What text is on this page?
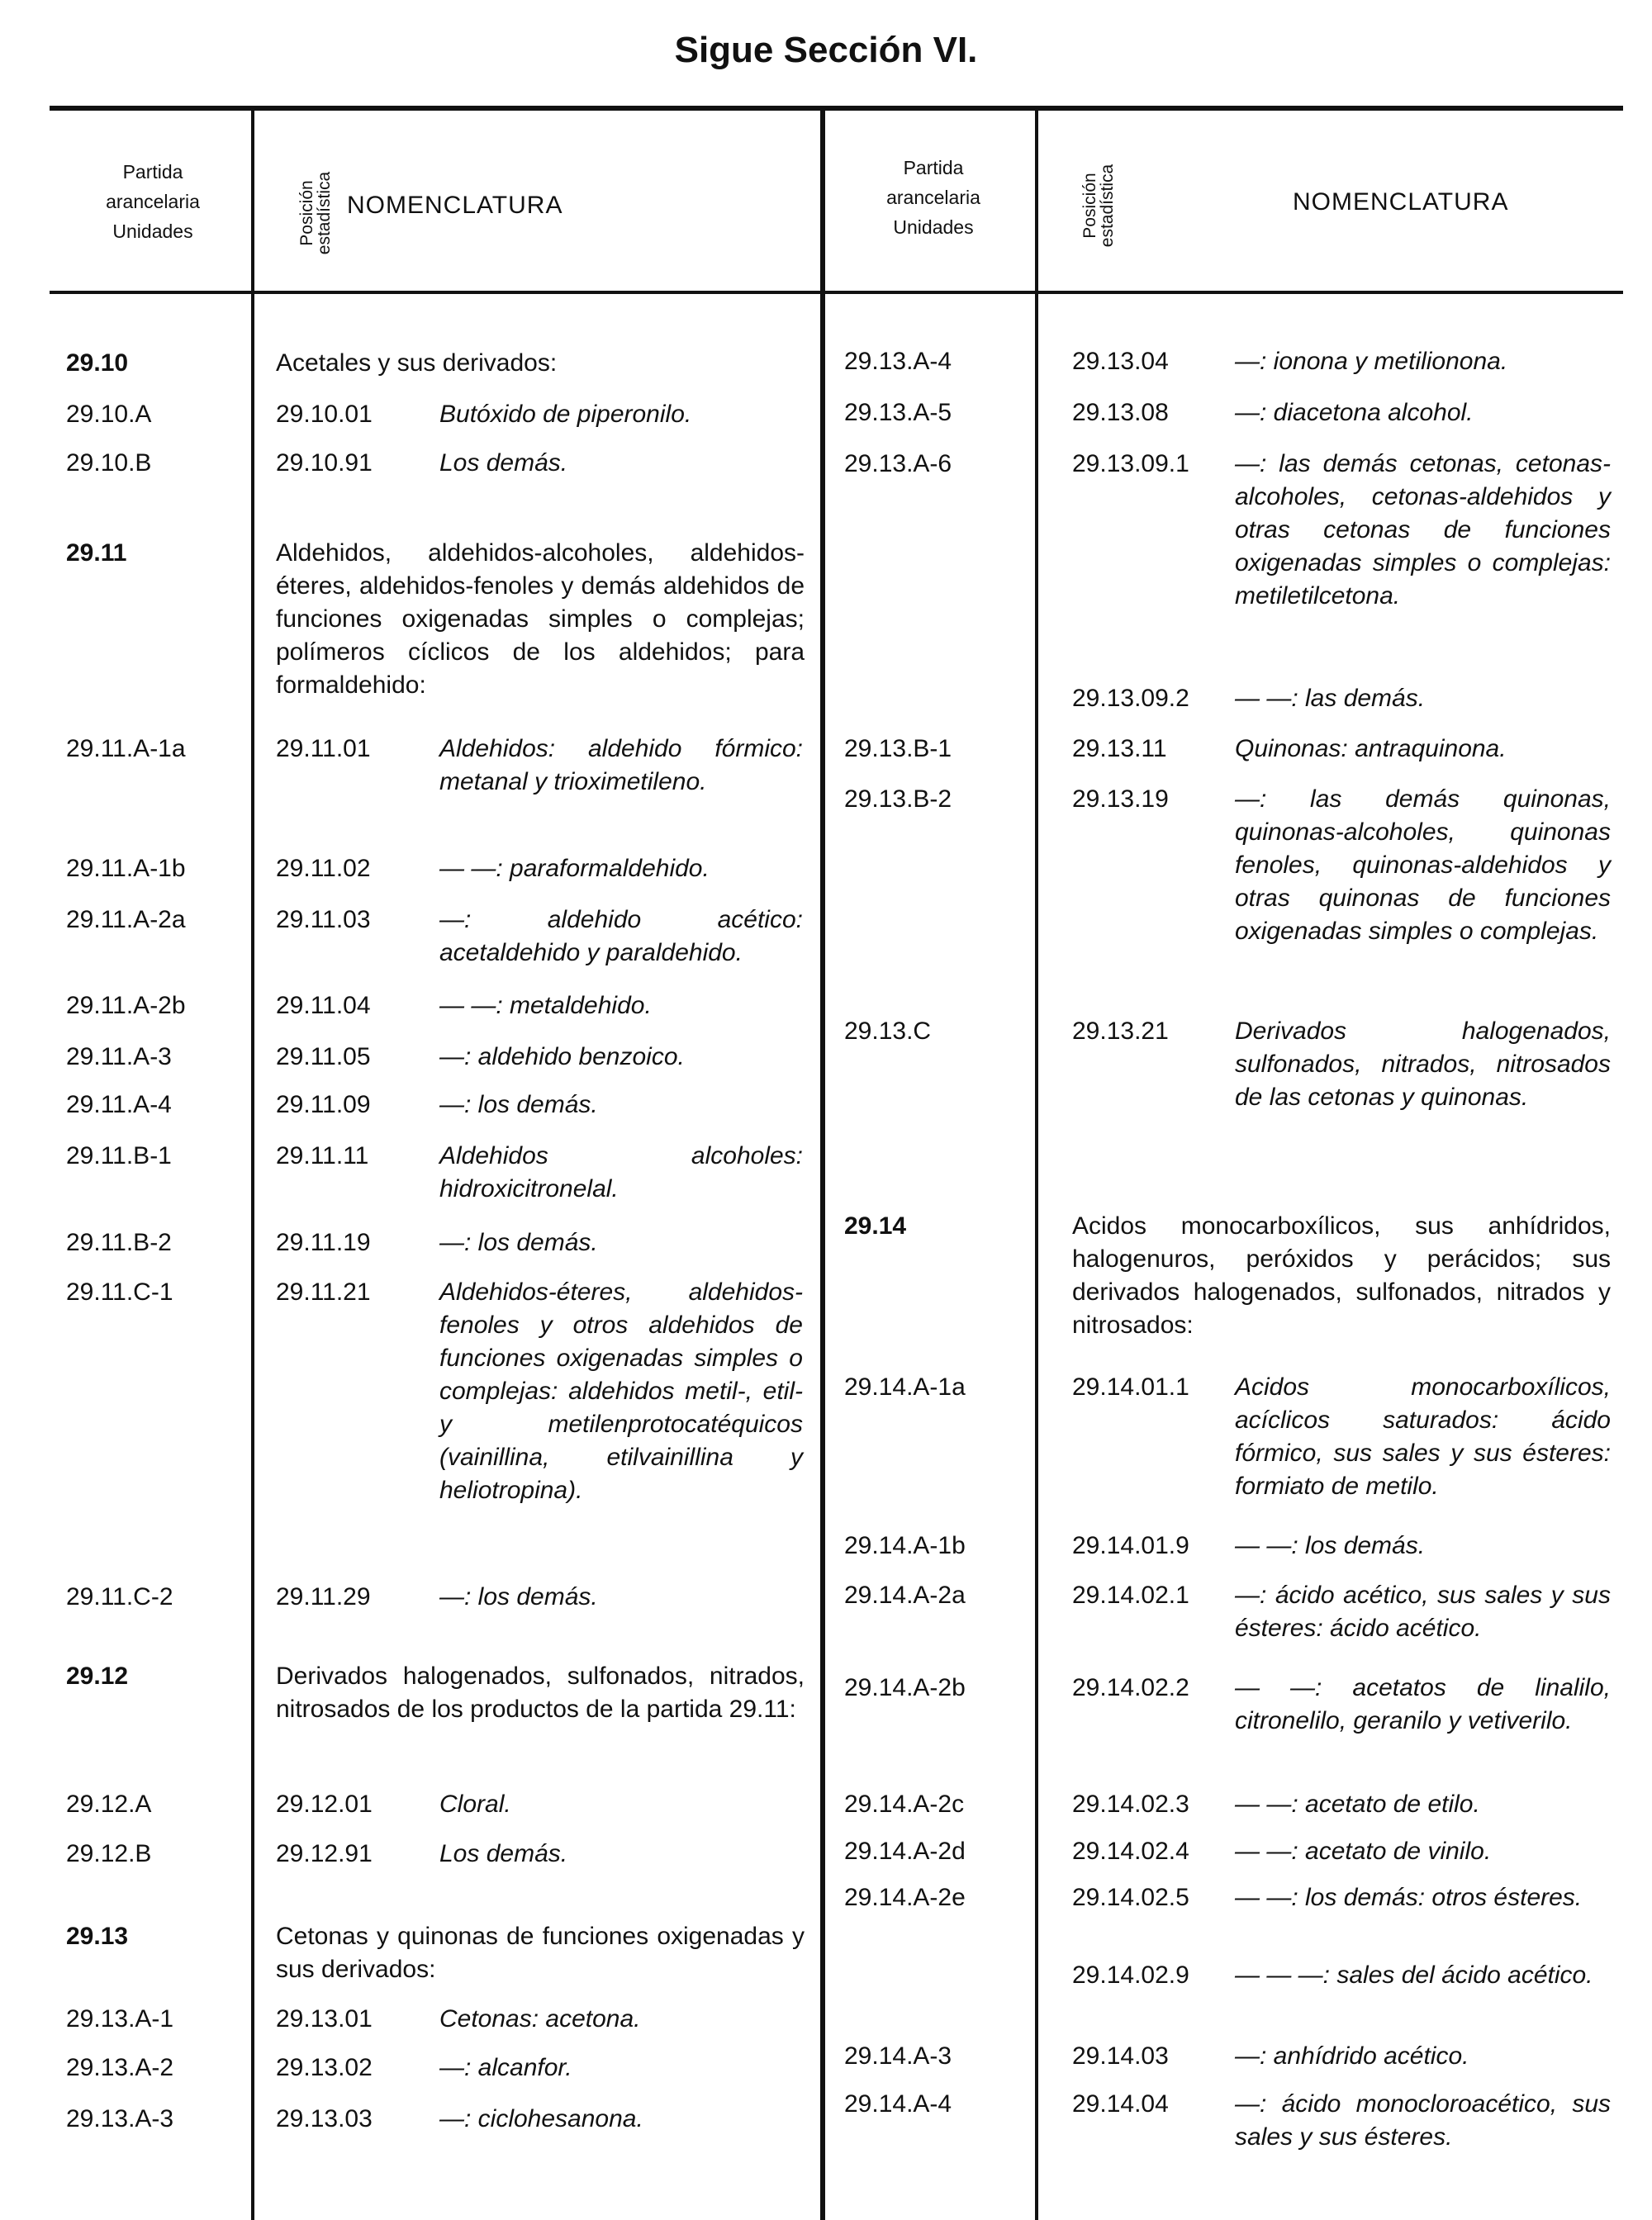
Sigue Sección VI.
Partida
arancelaria
Unidades	Posición
estadística NOMENCLATURA
Partida
arancelaria
Unidades	Posición
estadística	NOMENCLATURA
29.10	Acetales y sus derivados:
29.10.A	29.10.01	Butóxido de piperonilo.
29.10.B	29.10.91	Los demás.
29.11	Aldehidos, aldehidos-alcoholes, aldehidos-éteres, aldehidos-fenoles y demás aldehidos de funciones oxigenadas simples o complejas; polímeros cíclicos de los aldehidos; para formaldehido:
29.11.A-1a	29.11.01	Aldehidos: aldehido fórmico: metanal y trioximetileno.
29.11.A-1b	29.11.02	— —: paraformaldehido.
29.11.A-2a	29.11.03	—: aldehido acético: acetaldehido y paraldehido.
29.11.A-2b	29.11.04	— —: metaldehido.
29.11.A-3	29.11.05	—: aldehido benzoico.
29.11.A-4	29.11.09	—: los demás.
29.11.B-1	29.11.11	Aldehidos alcoholes: hidroxicitronelal.
29.11.B-2	29.11.19	—: los demás.
29.11.C-1	29.11.21	Aldehidos-éteres, aldehidos-fenoles y otros aldehidos de funciones oxigenadas simples o complejas: aldehidos metil-, etil- y metilenprotocatéquicos (vainillina, etilvainillina y heliotropina).
29.11.C-2	29.11.29	—: los demás.
29.12	Derivados halogenados, sulfonados, nitrados, nitrosados de los productos de la partida 29.11:
29.12.A	29.12.01	Cloral.
29.12.B	29.12.91	Los demás.
29.13	Cetonas y quinonas de funciones oxigenadas y sus derivados:
29.13.A-1	29.13.01	Cetonas: acetona.
29.13.A-2	29.13.02	—: alcanfor.
29.13.A-3	29.13.03	—: ciclohesanona.
29.13.A-4	29.13.04	—: ionona y metilionona.
29.13.A-5	29.13.08	—: diacetona alcohol.
29.13.A-6	29.13.09.1 —: las demás cetonas, cetonas-alcoholes, cetonas-aldehidos y otras cetonas de funciones oxigenadas simples o complejas: metiletilcetona.
29.13.09.2 — —: las demás.
29.13.B-1	29.13.11	Quinonas: antraquinona.
29.13.B-2	29.13.19	—: las demás quinonas, quinonas-alcoholes, quinonas fenoles, quinonas-aldehidos y otras quinonas de funciones oxigenadas simples o complejas.
29.13.C	29.13.21	Derivados halogenados, sulfonados, nitrados, nitrosados de las cetonas y quinonas.
29.14	Acidos monocarboxílicos, sus anhídridos, halogenuros, peróxidos y perácidos; sus derivados halogenados, sulfonados, nitrados y nitrosados:
29.14.A-1a	29.14.01.1 Acidos monocarboxílicos, acíclicos saturados: ácido fórmico, sus sales y sus ésteres: formiato de metilo.
29.14.A-1b	29.14.01.9 — —: los demás.
29.14.A-2a	29.14.02.1 —: ácido acético, sus sales y sus ésteres: ácido acético.
29.14.A-2b	29.14.02.2 — —: acetatos de linalilo, citronelilo, geranilo y vetiverilo.
29.14.A-2c	29.14.02.3 — —: acetato de etilo.
29.14.A-2d	29.14.02.4 — —: acetato de vinilo.
29.14.A-2e	29.14.02.5 — —: los demás: otros ésteres.
29.14.02.9 — — —: sales del ácido acético.
29.14.A-3	29.14.03	—: anhídrido acético.
29.14.A-4	29.14.04	—: ácido monocloroacético, sus sales y sus ésteres.
